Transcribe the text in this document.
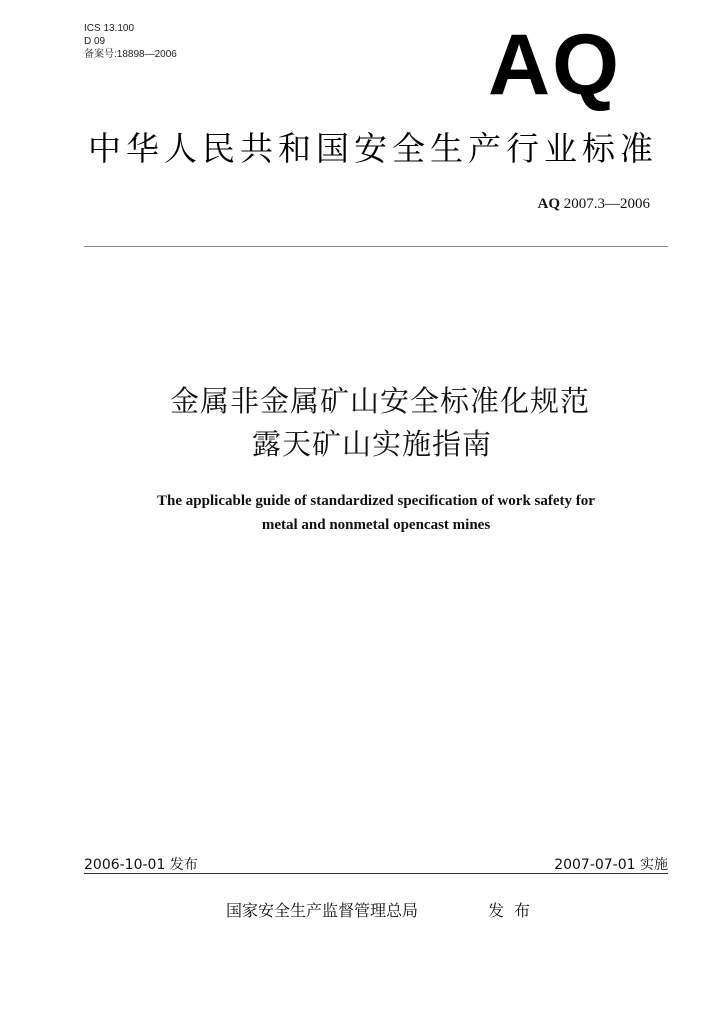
ICS 13.100
D 09
备案号:18898—2006	AQ
中华人民共和国安全生产行业标准
AQ 2007.3—2006
金属非金属矿山安全标准化规范
露天矿山实施指南
The applicable guide of standardized specification of work safety for
metal and nonmetal opencast mines
2006-10-01 发布	2007-07-01 实施
国家安全生产监督管理总局	发布
